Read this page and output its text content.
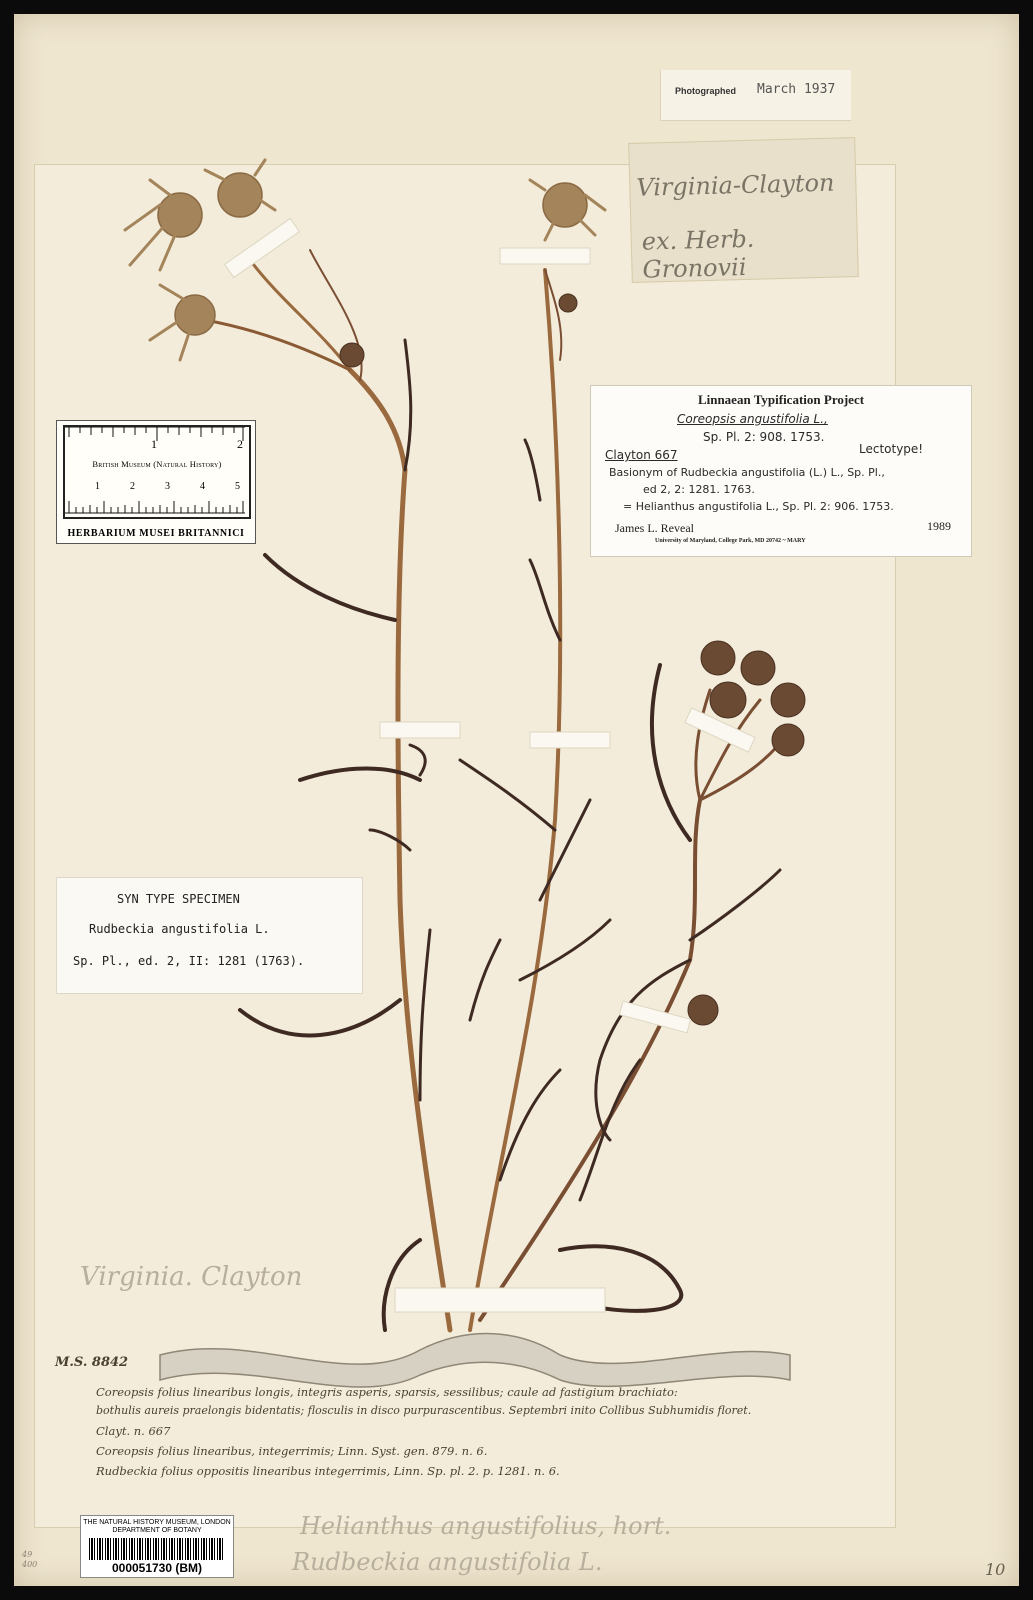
Photographed March 1937
Virginia-Clayton
ex. Herb. Gronovii
Linnaean Typification Project
Coreopsis angustifolia L.,
Sp. Pl. 2: 908. 1753.
Clayton 667	Lectotype!
Basionym of Rudbeckia angustifolia (L.) L., Sp. Pl.,
ed 2, 2: 1281. 1763.
= Helianthus angustifolia L., Sp. Pl. 2: 906. 1753.
James L. Reveal	1989
University of Maryland, College Park, MD 20742 ~ MARY
1	2
British Museum (Natural History)
1	2	3	4	5
HERBARIUM MUSEI BRITANNICI
SYN TYPE SPECIMEN
Rudbeckia angustifolia L.
Sp. Pl., ed. 2, II: 1281 (1763).
Virginia. Clayton
M.S. 8842
Coreopsis folius linearibus longis, integris asperis, sparsis, sessilibus; caule ad fastigium brachiato:
bothulis aureis praelongis bidentatis; flosculis in disco purpurascentibus. Septembri inito Collibus Subhumidis floret.
Clayt. n. 667
Coreopsis folius linearibus, integerrimis; Linn. Syst. gen. 879. n. 6.
Rudbeckia folius oppositis linearibus integerrimis, Linn. Sp. pl. 2. p. 1281. n. 6.
Helianthus angustifolius, hort.
Rudbeckia angustifolia L.	10
49
400
THE NATURAL HISTORY MUSEUM, LONDON
DEPARTMENT OF BOTANY
000051730 (BM)
